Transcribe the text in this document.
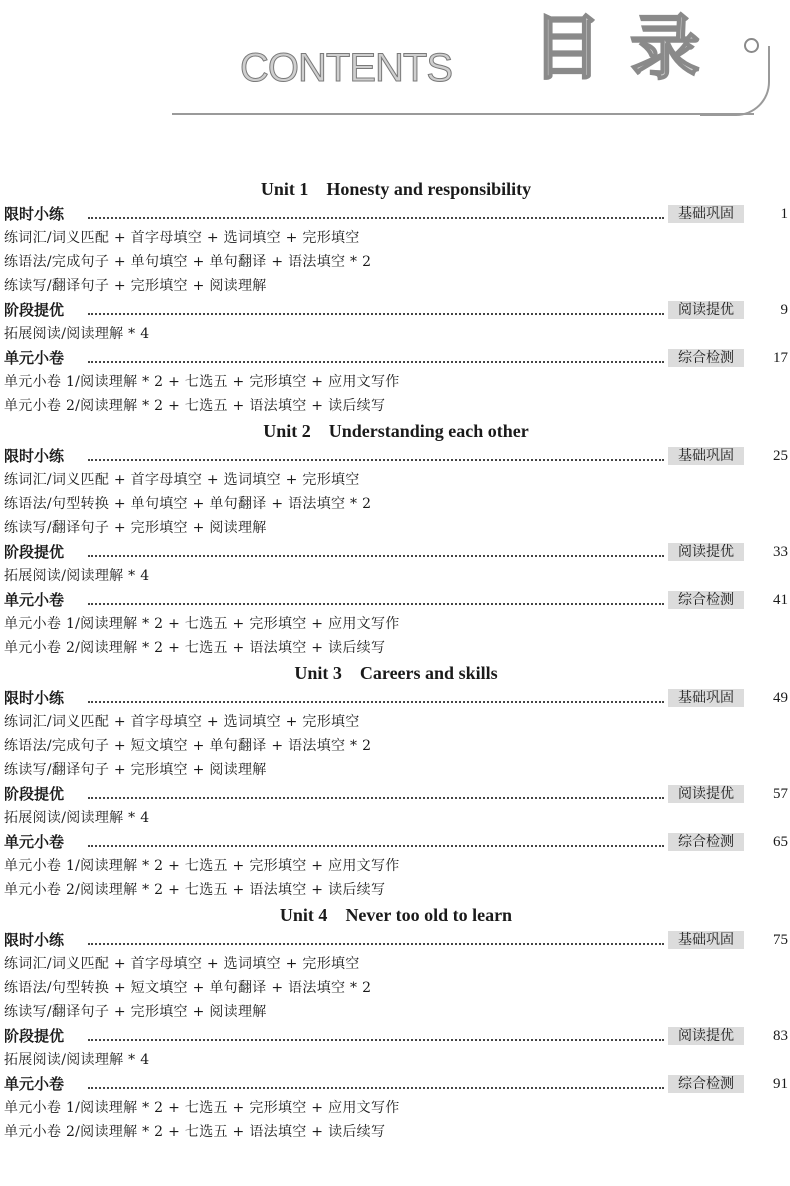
CONTENTS 目 录
Unit 1 Honesty and responsibility
限时小练	基础巩固	1
练词汇/词义匹配 + 首字母填空 + 选词填空 + 完形填空
练语法/完成句子 + 单句填空 + 单句翻译 + 语法填空 * 2
练读写/翻译句子 + 完形填空 + 阅读理解
阶段提优	阅读提优	9
拓展阅读/阅读理解 * 4
单元小卷	综合检测	17
单元小卷 1/阅读理解 * 2 + 七选五 + 完形填空 + 应用文写作
单元小卷 2/阅读理解 * 2 + 七选五 + 语法填空 + 读后续写
Unit 2 Understanding each other
限时小练	基础巩固	25
练词汇/词义匹配 + 首字母填空 + 选词填空 + 完形填空
练语法/句型转换 + 单句填空 + 单句翻译 + 语法填空 * 2
练读写/翻译句子 + 完形填空 + 阅读理解
阶段提优	阅读提优	33
拓展阅读/阅读理解 * 4
单元小卷	综合检测	41
单元小卷 1/阅读理解 * 2 + 七选五 + 完形填空 + 应用文写作
单元小卷 2/阅读理解 * 2 + 七选五 + 语法填空 + 读后续写
Unit 3 Careers and skills
限时小练	基础巩固	49
练词汇/词义匹配 + 首字母填空 + 选词填空 + 完形填空
练语法/完成句子 + 短文填空 + 单句翻译 + 语法填空 * 2
练读写/翻译句子 + 完形填空 + 阅读理解
阶段提优	阅读提优	57
拓展阅读/阅读理解 * 4
单元小卷	综合检测	65
单元小卷 1/阅读理解 * 2 + 七选五 + 完形填空 + 应用文写作
单元小卷 2/阅读理解 * 2 + 七选五 + 语法填空 + 读后续写
Unit 4 Never too old to learn
限时小练	基础巩固	75
练词汇/词义匹配 + 首字母填空 + 选词填空 + 完形填空
练语法/句型转换 + 短文填空 + 单句翻译 + 语法填空 * 2
练读写/翻译句子 + 完形填空 + 阅读理解
阶段提优	阅读提优	83
拓展阅读/阅读理解 * 4
单元小卷	综合检测	91
单元小卷 1/阅读理解 * 2 + 七选五 + 完形填空 + 应用文写作
单元小卷 2/阅读理解 * 2 + 七选五 + 语法填空 + 读后续写
